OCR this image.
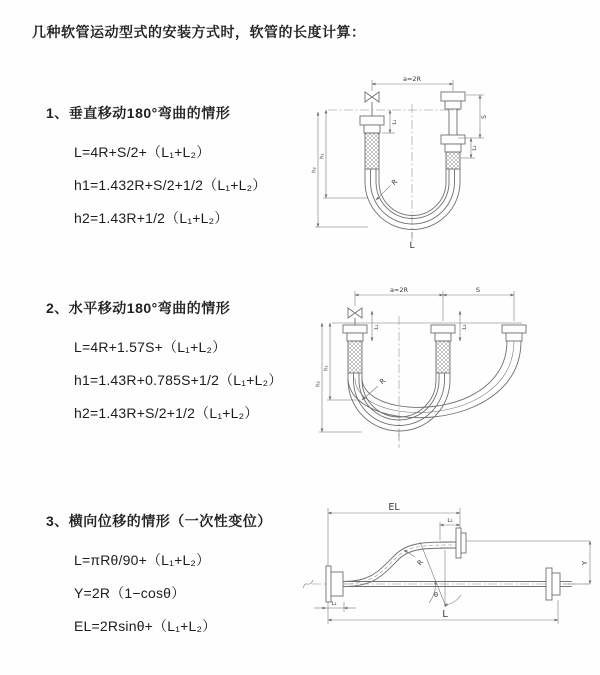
几种软管运动型式的安装方式时，软管的长度计算：
1、垂直移动180°弯曲的情形
L=4R+S/2+（L₁+L₂）
h1=1.432R+S/2+1/2（L₁+L₂）
h2=1.43R+1/2（L₁+L₂）
2、水平移动180°弯曲的情形
L=4R+1.57S+（L₁+L₂）
h1=1.43R+0.785S+1/2（L₁+L₂）
h2=1.43R+S/2+1/2（L₁+L₂）
3、横向位移的情形（一次性变位）
L=πRθ/90+（L₁+L₂）
Y=2R（1−cosθ）
EL=2Rsinθ+（L₁+L₂）
a=2R
L₁
S
L₂
h₂
h₁
R
L
a=2R	S
L₁	L₂
h₂
h₁
R
EL
L₂
Y
R
θ
L₁
L
